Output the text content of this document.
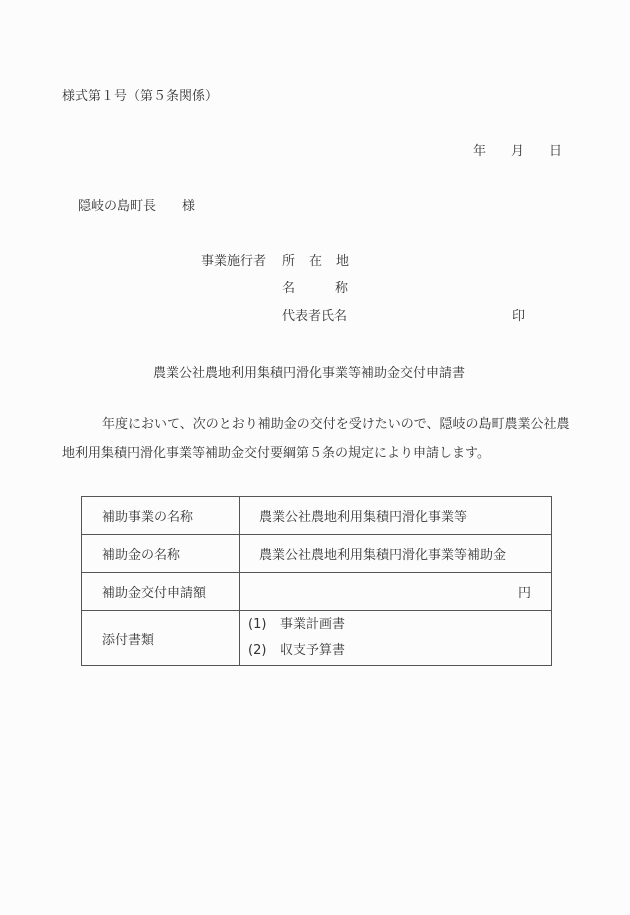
様式第１号（第５条関係）
年 月 日
隠岐の島町長 様
事業施行者 所 在 地
名	称
代表者氏名	印
農業公社農地利用集積円滑化事業等補助金交付申請書
年度において、次のとおり補助金の交付を受けたいので、隠岐の島町農業公社農地利用集積円滑化事業等補助金交付要綱第５条の規定により申請します。
補助事業の名称	農業公社農地利用集積円滑化事業等
補助金の名称	農業公社農地利用集積円滑化事業等補助金
補助金交付申請額	円
添付書類	(1) 事業計画書
(2) 収支予算書
